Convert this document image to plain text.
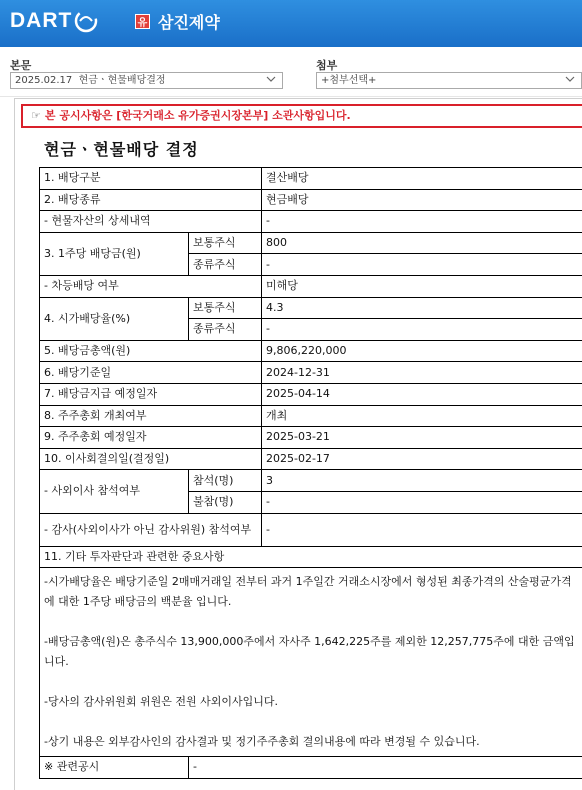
DART	유 삼진제약
본문
2025.02.17  현금ㆍ현물배당결정
첨부
+첨부선택+
☞ 본 공시사항은 [한국거래소 유가증권시장본부] 소관사항입니다.
현금ㆍ현물배당 결정
1. 배당구분		결산배당
2. 배당종류		현금배당
- 현물자산의 상세내역		-
3. 1주당 배당금(원)	보통주식	800
	종류주식	-
- 차등배당 여부		미해당
4. 시가배당율(%)	보통주식	4.3
	종류주식	-
5. 배당금총액(원)		9,806,220,000
6. 배당기준일		2024-12-31
7. 배당금지급 예정일자		2025-04-14
8. 주주총회 개최여부		개최
9. 주주총회 예정일자		2025-03-21
10. 이사회결의일(결정일)		2025-02-17
- 사외이사 참석여부	참석(명)	3
	불참(명)	-
- 감사(사외이사가 아닌 감사위원) 참석여부		-
11. 기타 투자판단과 관련한 중요사항		

-시가배당율은 배당기준일 2매매거래일 전부터 과거 1주일간 거래소시장에서 형성된 최종가격의 산술평균가격에 대한 1주당 배당금의 백분율 입니다.
-배당금총액(원)은 총주식수 13,900,000주에서 자사주 1,642,225주를 제외한 12,257,775주에 대한 금액입니다.
-당사의 감사위원회 위원은 전원 사외이사입니다.
-상기 내용은 외부감사인의 감사결과 및 정기주주총회 결의내용에 따라 변경될 수 있습니다.		

※ 관련공시	-	
